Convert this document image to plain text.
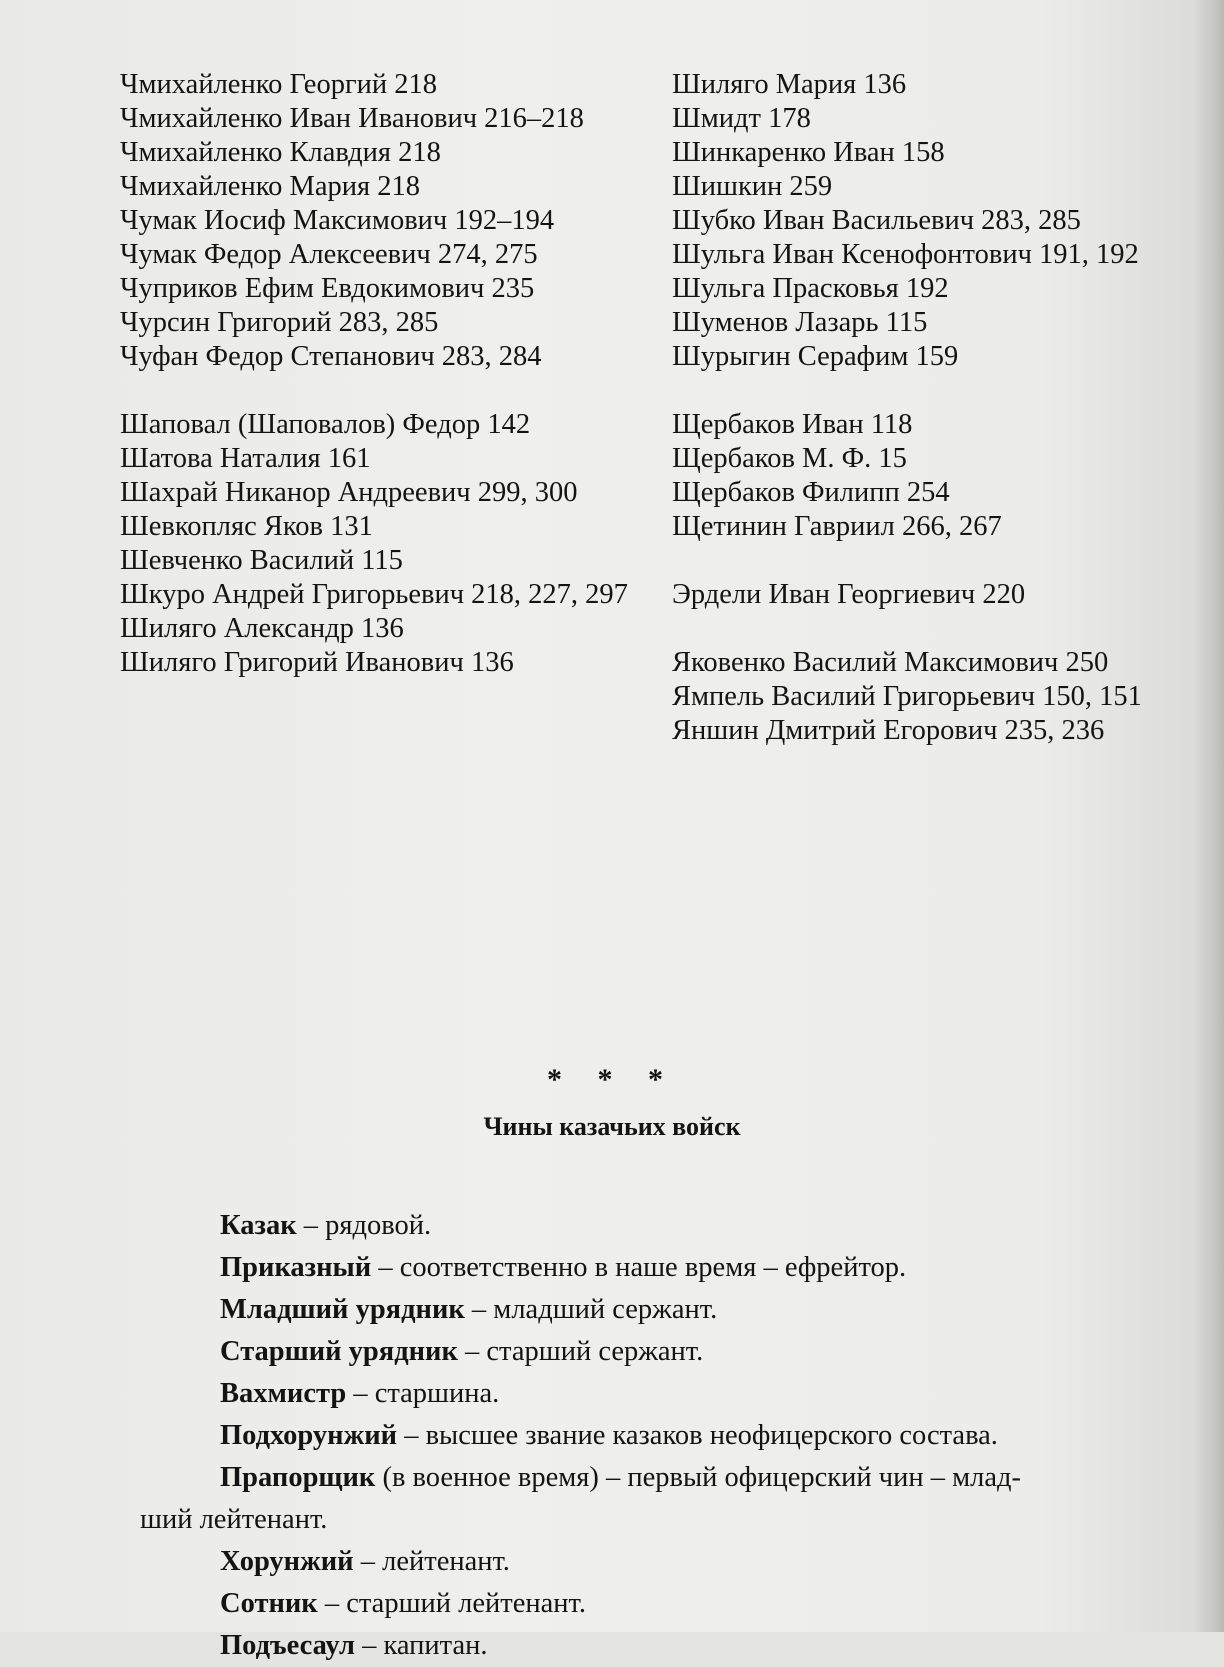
Чмихайленко Георгий 218

Чмихайленко Иван Иванович 216–218

Чмихайленко Клавдия 218

Чмихайленко Мария 218

Чумак Иосиф Максимович 192–194

Чумак Федор Алексеевич 274, 275

Чуприков Ефим Евдокимович 235

Чурсин Григорий 283, 285

Чуфан Федор Степанович 283, 284

Шаповал (Шаповалов) Федор 142

Шатова Наталия 161

Шахрай Никанор Андреевич 299, 300

Шевкопляс Яков 131

Шевченко Василий 115

Шкуро Андрей Григорьевич 218, 227, 297

Шиляго Александр 136

Шиляго Григорий Иванович 136

Шиляго Мария 136

Шмидт 178

Шинкаренко Иван 158

Шишкин 259

Шубко Иван Васильевич 283, 285

Шульга Иван Ксенофонтович 191, 192

Шульга Прасковья 192

Шуменов Лазарь 115

Шурыгин Серафим 159

Щербаков Иван 118

Щербаков М. Ф. 15

Щербаков Филипп 254

Щетинин Гавриил 266, 267

Эрдели Иван Георгиевич 220

Яковенко Василий Максимович 250

Ямпель Василий Григорьевич 150, 151

Яншин Дмитрий Егорович 235, 236

* * *
Чины казачьих войск

Казак – рядовой.

Приказный – соответственно в наше время – ефрейтор.

Младший урядник – младший сержант.

Старший урядник – старший сержант.

Вахмистр – старшина.

Подхорунжий – высшее звание казаков неофицерского состава.

Прапорщик (в военное время) – первый офицерский чин – млад-

ший лейтенант.

Хорунжий – лейтенант.

Сотник – старший лейтенант.

Подъесаул – капитан.
